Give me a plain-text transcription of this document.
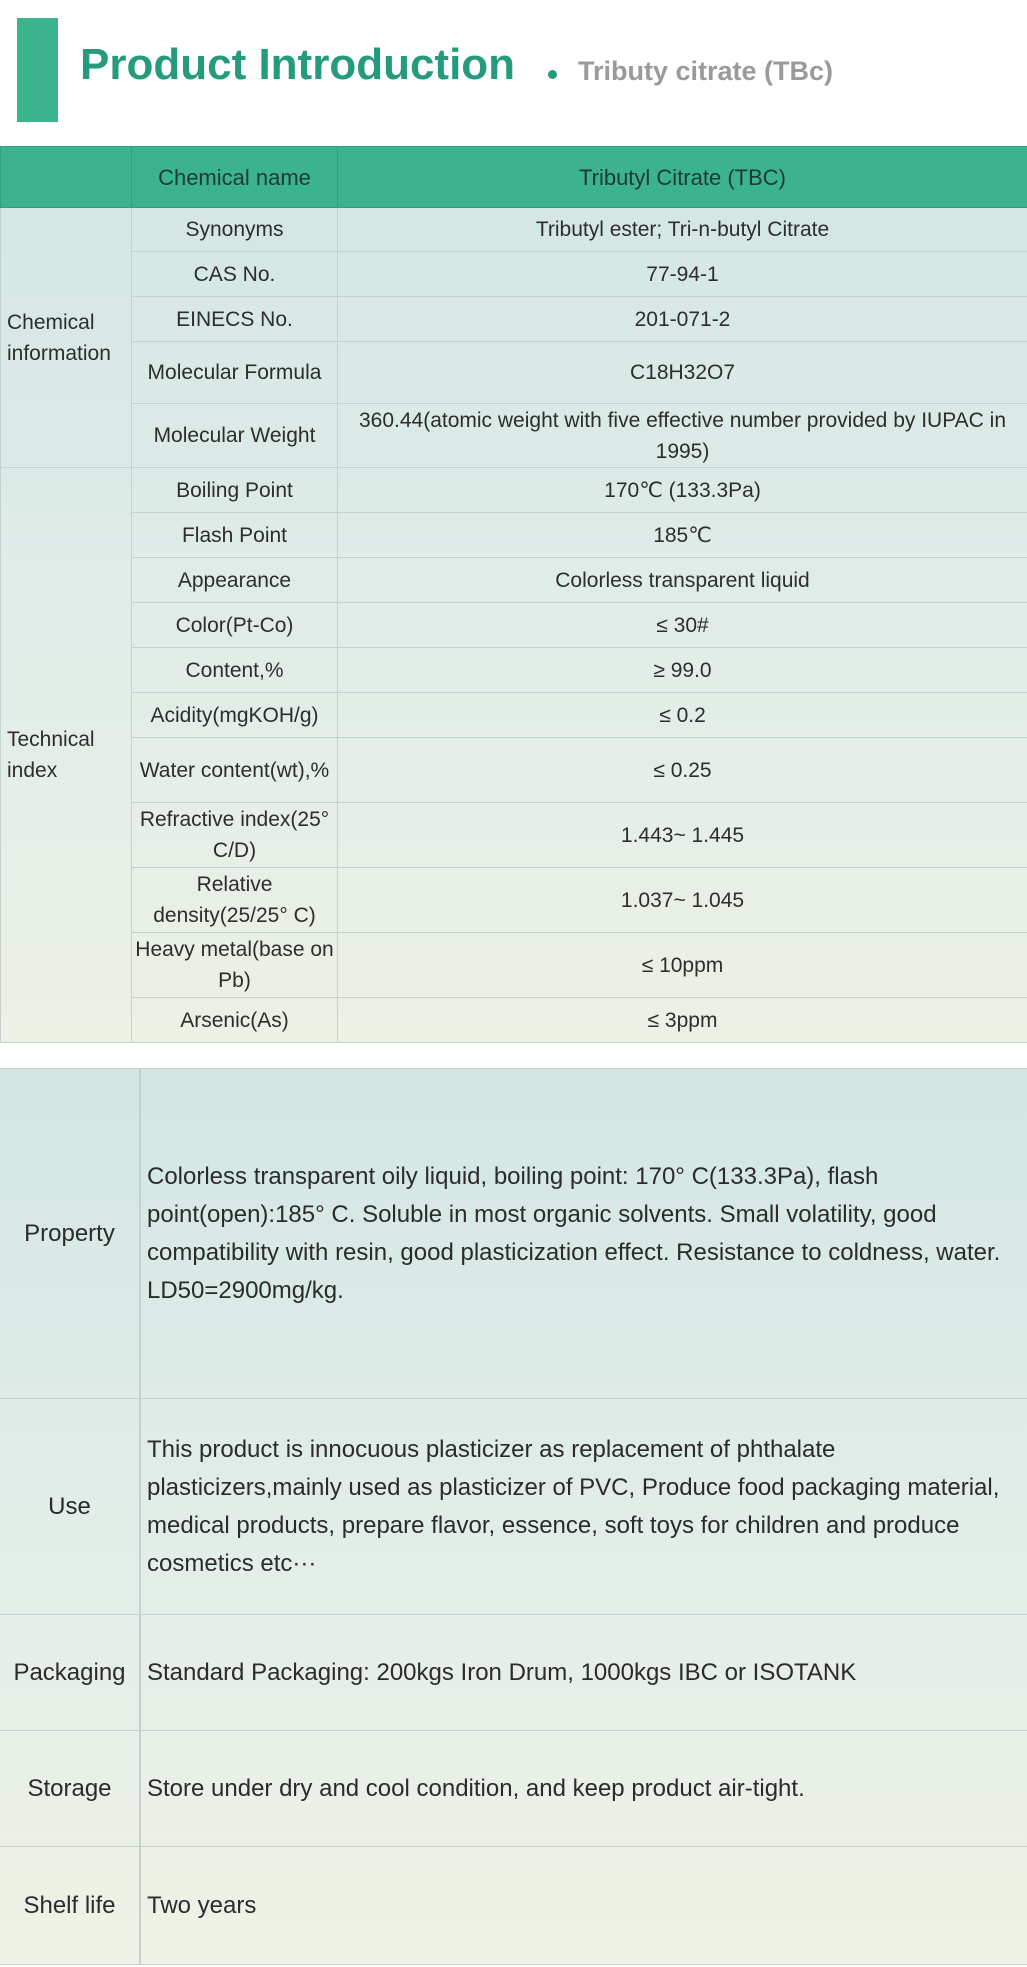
Product Introduction Tributy citrate (TBc)
	Chemical name	Tributyl Citrate (TBC)
Chemical information	Synonyms	Tributyl ester; Tri-n-butyl Citrate
	CAS No.	77-94-1
	EINECS No.	201-071-2
	Molecular Formula	C18H32O7
	Molecular Weight	360.44(atomic weight with five effective number provided by IUPAC in 1995)
Technical index	Boiling Point	170℃ (133.3Pa)
	Flash Point	185℃
	Appearance	Colorless transparent liquid
	Color(Pt-Co)	≤ 30#
	Content,%	≥ 99.0
	Acidity(mgKOH/g)	≤ 0.2
	Water content(wt),%	≤ 0.25
	Refractive index(25° C/D)	1.443~ 1.445
	Relative density(25/25° C)	1.037~ 1.045
	Heavy metal(base on Pb)	≤ 10ppm
	Arsenic(As)	≤ 3ppm
Property	Colorless transparent oily liquid, boiling point: 170° C(133.3Pa), flash point(open):185° C. Soluble in most organic solvents. Small volatility, good compatibility with resin, good plasticization effect. Resistance to coldness, water. LD50=2900mg/kg.
Use	This product is innocuous plasticizer as replacement of phthalate plasticizers,mainly used as plasticizer of PVC, Produce food packaging material, medical products, prepare flavor, essence, soft toys for children and produce cosmetics etc···
Packaging	Standard Packaging: 200kgs Iron Drum, 1000kgs IBC or ISOTANK
Storage	Store under dry and cool condition, and keep product air-tight.
Shelf life	Two years
